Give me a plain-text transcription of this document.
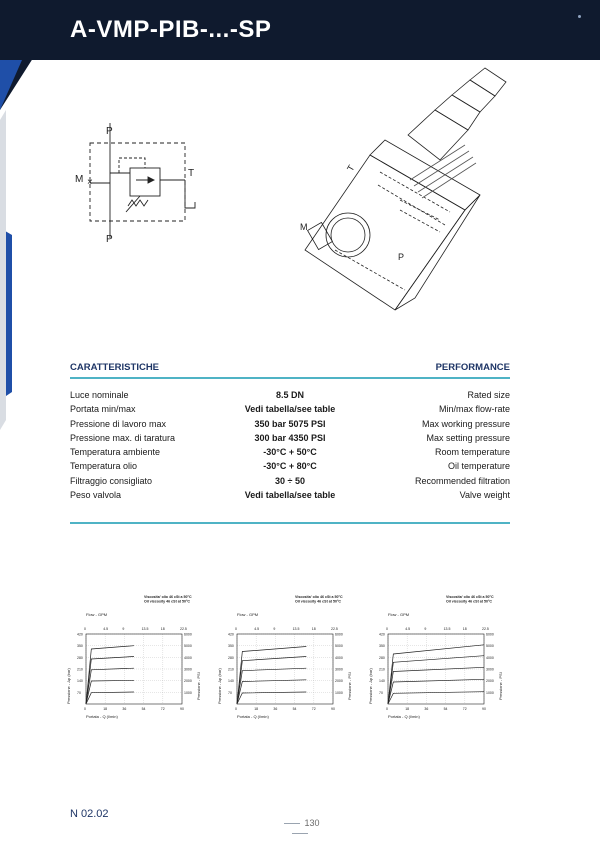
A-VMP-PIB-...-SP
P
P
M
T
×
T
M
P
CARATTERISTICHE	PERFORMANCE
Luce nominale	8.5 DN	Rated size
Portata min/max	Vedi tabella/see table	Min/max flow-rate
Pressione di lavoro max	350 bar 5075 PSI	Max working pressure
Pressione max. di taratura	300 bar 4350 PSI	Max setting pressure
Temperatura ambiente	-30°C + 50°C	Room temperature
Temperatura olio	-30°C + 80°C	Oil temperature
Filtraggio consigliato	30 ÷ 50	Recommended filtration
Peso valvola	Vedi tabella/see table	Valve weight
Viscosita' olio 46 cSt a 50°C
Oil viscosity 46 cSt at 50°C
Flow - GPM
0	18	36	54	72	90
0	4.5	9	13.5	18	22.5
70
140
210
280
350
420
1000
2000
3000
4000
5000
6000
Portata - Q (l/min)
Pressione - Δp (bar)	Pressione - PSI
Viscosita' olio 46 cSt a 50°C
Oil viscosity 46 cSt at 50°C
Flow - GPM
0	18	36	54	72	90
0	4.5	9	13.5	18	22.5
70
140
210
280
350
420
1000
2000
3000
4000
5000
6000
Portata - Q (l/min)
Pressione - Δp (bar)	Pressione - PSI
Viscosita' olio 46 cSt a 50°C
Oil viscosity 46 cSt at 50°C
Flow - GPM
0	18	36	54	72	90
0	4.5	9	13.5	18	22.5
70
140
210
280
350
420
1000
2000
3000
4000
5000
6000
Portata - Q (l/min)
Pressione - Δp (bar)	Pressione - PSI
N 02.02
130
